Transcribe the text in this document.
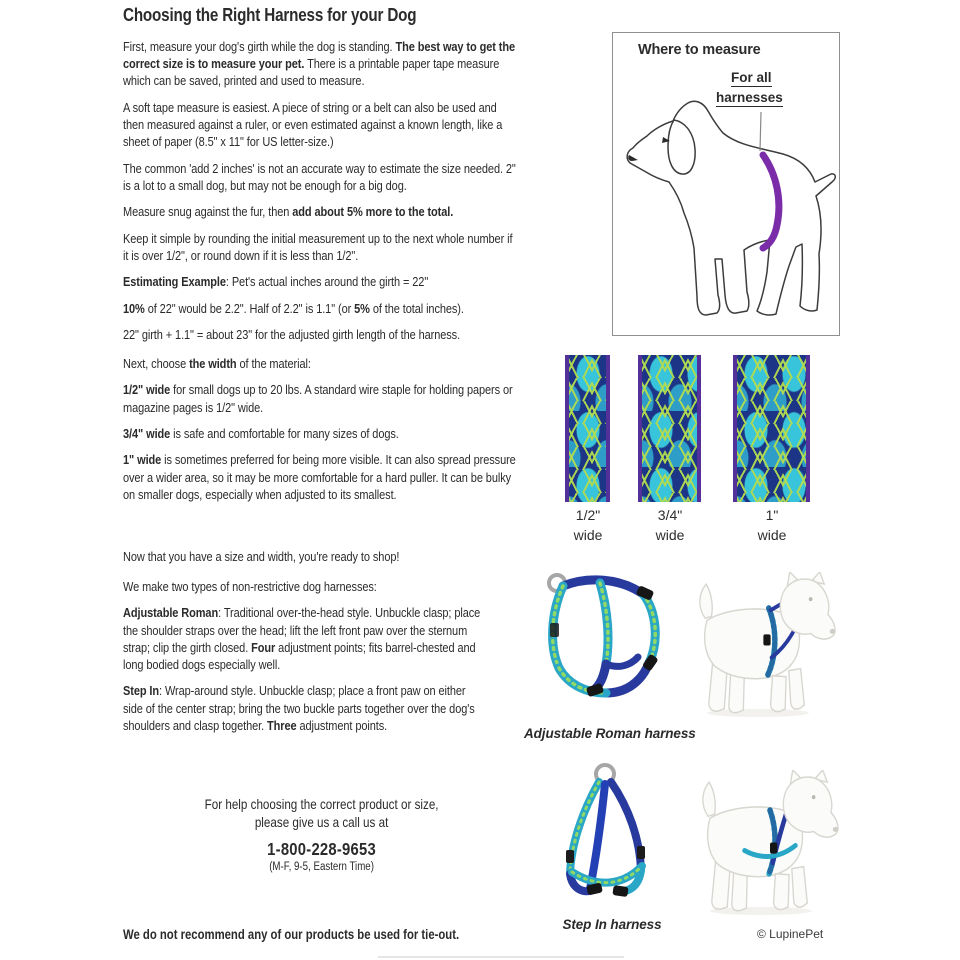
Choosing the Right Harness for your Dog
First, measure your dog's girth while the dog is standing. The best way to get the correct size is to measure your pet. There is a printable paper tape measure which can be saved, printed and used to measure.
A soft tape measure is easiest. A piece of string or a belt can also be used and then measured against a ruler, or even estimated against a known length, like a sheet of paper (8.5" x 11" for US letter-size.)
The common 'add 2 inches' is not an accurate way to estimate the size needed. 2" is a lot to a small dog, but may not be enough for a big dog.
Measure snug against the fur, then add about 5% more to the total.
Keep it simple by rounding the initial measurement up to the next whole number if it is over 1/2", or round down if it is less than 1/2".
Estimating Example: Pet's actual inches around the girth = 22"
10% of 22" would be 2.2". Half of 2.2" is 1.1" (or 5% of the total inches).
22" girth + 1.1" = about 23" for the adjusted girth length of the harness.
Next, choose the width of the material:
1/2" wide for small dogs up to 20 lbs. A standard wire staple for holding papers or magazine pages is 1/2" wide.
3/4" wide is safe and comfortable for many sizes of dogs.
1" wide is sometimes preferred for being more visible. It can also spread pressure over a wider area, so it may be more comfortable for a hard puller. It can be bulky on smaller dogs, especially when adjusted to its smallest.
Now that you have a size and width, you're ready to shop!
We make two types of non-restrictive dog harnesses:
Adjustable Roman: Traditional over-the-head style. Unbuckle clasp; place the shoulder straps over the head; lift the left front paw over the sternum strap; clip the girth closed. Four adjustment points; fits barrel-chested and long bodied dogs especially well.
Step In: Wrap-around style. Unbuckle clasp; place a front paw on either side of the center strap; bring the two buckle parts together over the dog's shoulders and clasp together. Three adjustment points.
For help choosing the correct product or size,
please give us a call us at
1-800-228-9653
(M-F, 9-5, Eastern Time)
We do not recommend any of our products be used for tie-out.
Where to measure
For all
harnesses
1/2"
wide
3/4"
wide
1"
wide
Adjustable Roman harness
Step In harness
© LupinePet
